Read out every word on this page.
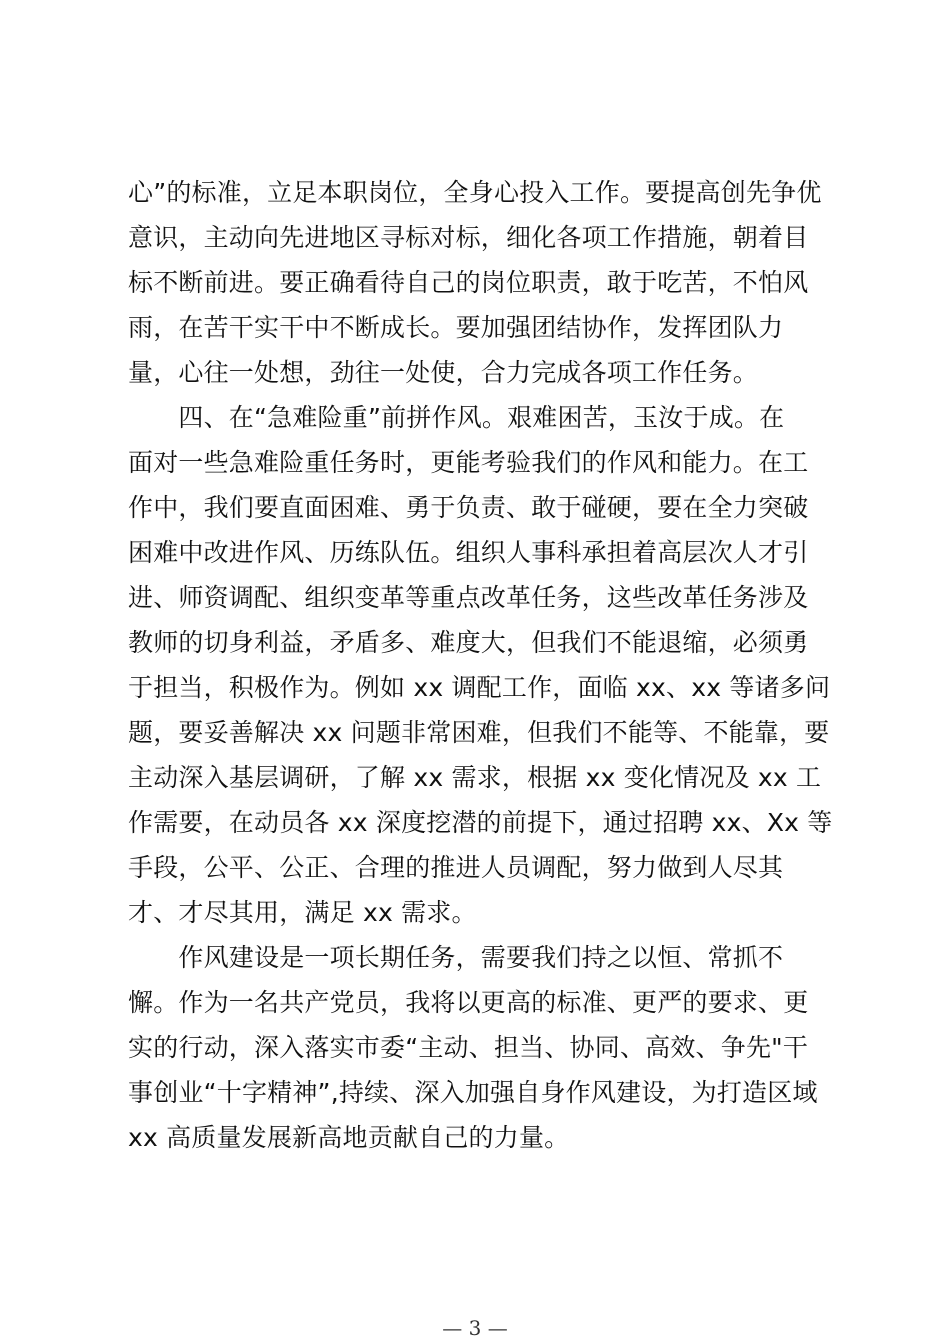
心”的标准，立足本职岗位，全身心投入工作。要提高创先争优
意识，主动向先进地区寻标对标，细化各项工作措施，朝着目
标不断前进。要正确看待自己的岗位职责，敢于吃苦，不怕风
雨，在苦干实干中不断成长。要加强团结协作，发挥团队力
量，心往一处想，劲往一处使，合力完成各项工作任务。
　　四、在“急难险重”前拼作风。艰难困苦，玉汝于成。在
面对一些急难险重任务时，更能考验我们的作风和能力。在工
作中，我们要直面困难、勇于负责、敢于碰硬，要在全力突破
困难中改进作风、历练队伍。组织人事科承担着高层次人才引
进、师资调配、组织变革等重点改革任务，这些改革任务涉及
教师的切身利益，矛盾多、难度大，但我们不能退缩，必须勇
于担当，积极作为。例如 xx 调配工作，面临 xx、xx 等诸多问
题，要妥善解决 xx 问题非常困难，但我们不能等、不能靠，要
主动深入基层调研，了解 xx 需求，根据 xx 变化情况及 xx 工
作需要，在动员各 xx 深度挖潜的前提下，通过招聘 xx、Xx 等
手段，公平、公正、合理的推进人员调配，努力做到人尽其
才、才尽其用，满足 xx 需求。
　　作风建设是一项长期任务，需要我们持之以恒、常抓不
懈。作为一名共产党员，我将以更高的标准、更严的要求、更
实的行动，深入落实市委“主动、担当、协同、高效、争先"干
事创业“十字精神”,持续、深入加强自身作风建设，为打造区域
xx 高质量发展新高地贡献自己的力量。
— 3 —
